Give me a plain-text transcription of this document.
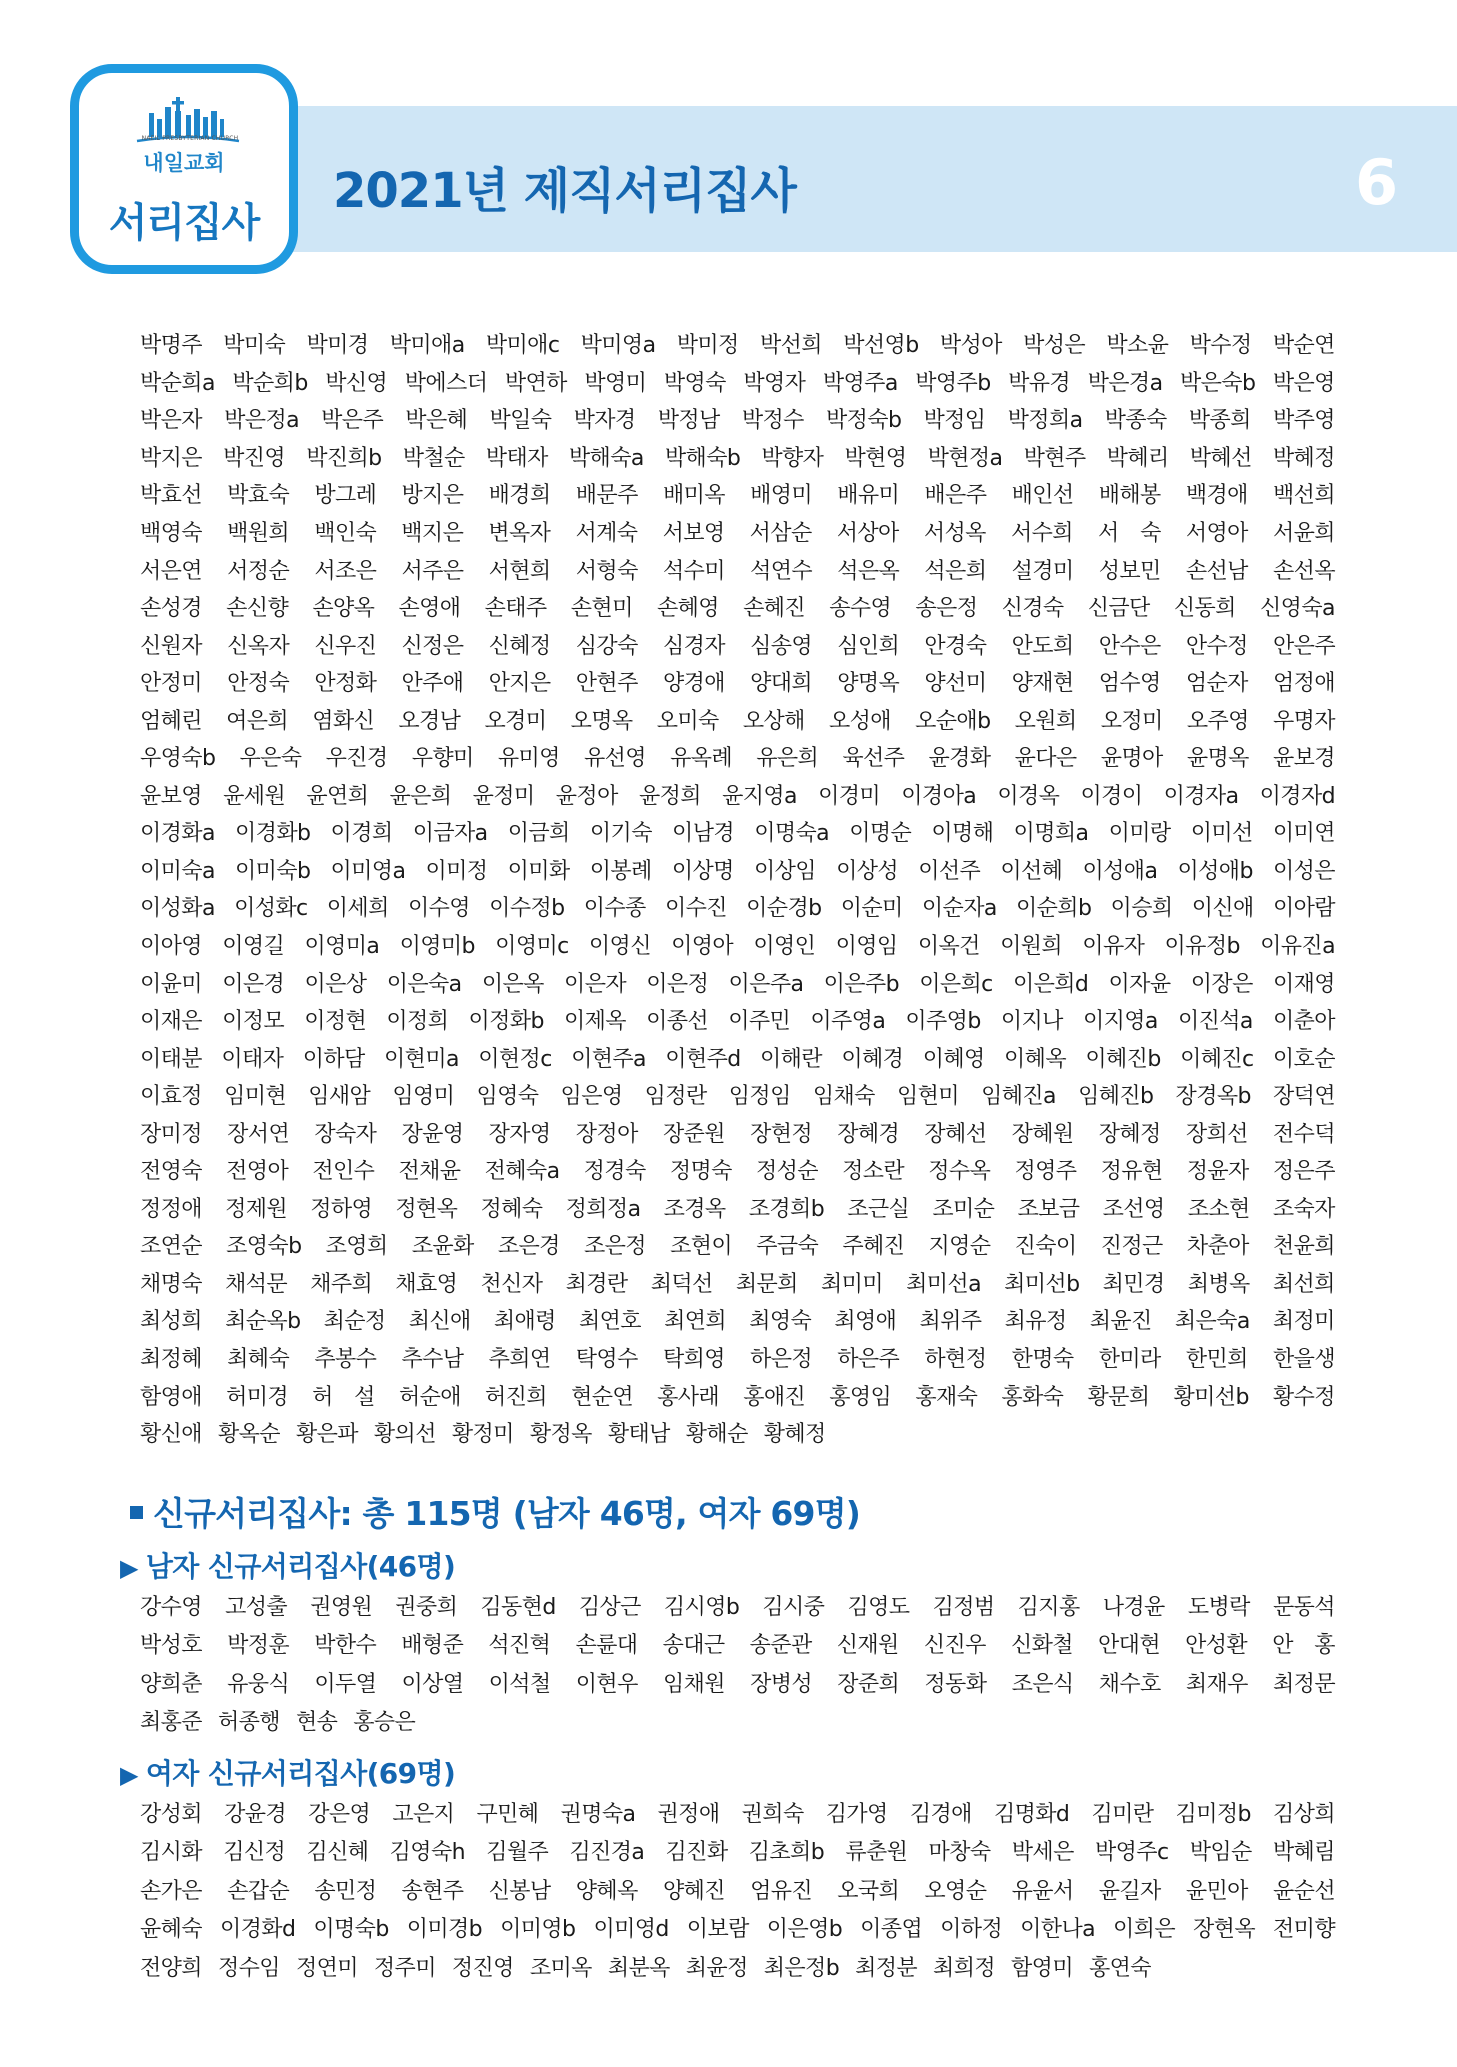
2021년 제직서리집사	6
NAEIL PRESBYTERIAN CHURCH
내일교회
서리집사
박명주 박미숙 박미경 박미애a 박미애c 박미영a 박미정 박선희 박선영b 박성아 박성은 박소윤 박수정 박순연
박순희a 박순희b 박신영 박에스더 박연하 박영미 박영숙 박영자 박영주a 박영주b 박유경 박은경a 박은숙b 박은영
박은자 박은정a 박은주 박은혜 박일숙 박자경 박정남 박정수 박정숙b 박정임 박정희a 박종숙 박종희 박주영
박지은 박진영 박진희b 박철순 박태자 박해숙a 박해숙b 박향자 박현영 박현정a 박현주 박혜리 박혜선 박혜정
박효선 박효숙 방그레 방지은 배경희 배문주 배미옥 배영미 배유미 배은주 배인선 배해봉 백경애 백선희
백영숙 백원희 백인숙 백지은 변옥자 서계숙 서보영 서삼순 서상아 서성옥 서수희 서　숙 서영아 서윤희
서은연 서정순 서조은 서주은 서현희 서형숙 석수미 석연수 석은옥 석은희 설경미 성보민 손선남 손선옥
손성경 손신향 손양옥 손영애 손태주 손현미 손혜영 손혜진 송수영 송은정 신경숙 신금단 신동희 신영숙a
신원자 신옥자 신우진 신정은 신혜정 심강숙 심경자 심송영 심인희 안경숙 안도희 안수은 안수정 안은주
안정미 안정숙 안정화 안주애 안지은 안현주 양경애 양대희 양명옥 양선미 양재현 엄수영 엄순자 엄정애
엄혜린 여은희 염화신 오경남 오경미 오명옥 오미숙 오상해 오성애 오순애b 오원희 오정미 오주영 우명자
우영숙b 우은숙 우진경 우향미 유미영 유선영 유옥례 유은희 육선주 윤경화 윤다은 윤명아 윤명옥 윤보경
윤보영 윤세원 윤연희 윤은희 윤정미 윤정아 윤정희 윤지영a 이경미 이경아a 이경옥 이경이 이경자a 이경자d
이경화a 이경화b 이경희 이금자a 이금희 이기숙 이남경 이명숙a 이명순 이명해 이명희a 이미랑 이미선 이미연
이미숙a 이미숙b 이미영a 이미정 이미화 이봉례 이상명 이상임 이상성 이선주 이선혜 이성애a 이성애b 이성은
이성화a 이성화c 이세희 이수영 이수정b 이수종 이수진 이순경b 이순미 이순자a 이순희b 이승희 이신애 이아람
이아영 이영길 이영미a 이영미b 이영미c 이영신 이영아 이영인 이영임 이옥건 이원희 이유자 이유정b 이유진a
이윤미 이은경 이은상 이은숙a 이은옥 이은자 이은정 이은주a 이은주b 이은희c 이은희d 이자윤 이장은 이재영
이재은 이정모 이정현 이정희 이정화b 이제옥 이종선 이주민 이주영a 이주영b 이지나 이지영a 이진석a 이춘아
이태분 이태자 이하담 이현미a 이현정c 이현주a 이현주d 이해란 이혜경 이혜영 이혜옥 이혜진b 이혜진c 이호순
이효정 임미현 임새암 임영미 임영숙 임은영 임정란 임정임 임채숙 임현미 임혜진a 임혜진b 장경옥b 장덕연
장미정 장서연 장숙자 장윤영 장자영 장정아 장준원 장현정 장혜경 장혜선 장혜원 장혜정 장희선 전수덕
전영숙 전영아 전인수 전채윤 전혜숙a 정경숙 정명숙 정성순 정소란 정수옥 정영주 정유현 정윤자 정은주
정정애 정제원 정하영 정현옥 정혜숙 정희정a 조경옥 조경희b 조근실 조미순 조보금 조선영 조소현 조숙자
조연순 조영숙b 조영희 조윤화 조은경 조은정 조현이 주금숙 주혜진 지영순 진숙이 진정근 차춘아 천윤희
채명숙 채석문 채주희 채효영 천신자 최경란 최덕선 최문희 최미미 최미선a 최미선b 최민경 최병옥 최선희
최성희 최순옥b 최순정 최신애 최애령 최연호 최연희 최영숙 최영애 최위주 최유정 최윤진 최은숙a 최정미
최정혜 최혜숙 추봉수 추수남 추희연 탁영수 탁희영 하은정 하은주 하현정 한명숙 한미라 한민희 한을생
함영애 허미경 허　설 허순애 허진희 현순연 홍사래 홍애진 홍영임 홍재숙 홍화숙 황문희 황미선b 황수정
황신애 황옥순 황은파 황의선 황정미 황정옥 황태남 황해순 황혜정
신규서리집사: 총 115명 (남자 46명, 여자 69명)
▶ 남자 신규서리집사(46명)
강수영 고성출 권영원 권중희 김동현d 김상근 김시영b 김시중 김영도 김정범 김지홍 나경윤 도병락 문동석
박성호 박정훈 박한수 배형준 석진혁 손륜대 송대근 송준관 신재원 신진우 신화철 안대현 안성환 안　홍
양희춘 유웅식 이두열 이상열 이석철 이현우 임채원 장병성 장준희 정동화 조은식 채수호 최재우 최정문
최홍준 허종행 현송 홍승은
▶ 여자 신규서리집사(69명)
강성회 강윤경 강은영 고은지 구민혜 권명숙a 권정애 권희숙 김가영 김경애 김명화d 김미란 김미정b 김상희
김시화 김신정 김신혜 김영숙h 김월주 김진경a 김진화 김초희b 류춘원 마창숙 박세은 박영주c 박임순 박혜림
손가은 손갑순 송민정 송현주 신봉남 양혜옥 양혜진 엄유진 오국희 오영순 유윤서 윤길자 윤민아 윤순선
윤혜숙 이경화d 이명숙b 이미경b 이미영b 이미영d 이보람 이은영b 이종엽 이하정 이한나a 이희은 장현옥 전미향
전양희 정수임 정연미 정주미 정진영 조미옥 최분옥 최윤정 최은정b 최정분 최희정 함영미 홍연숙
